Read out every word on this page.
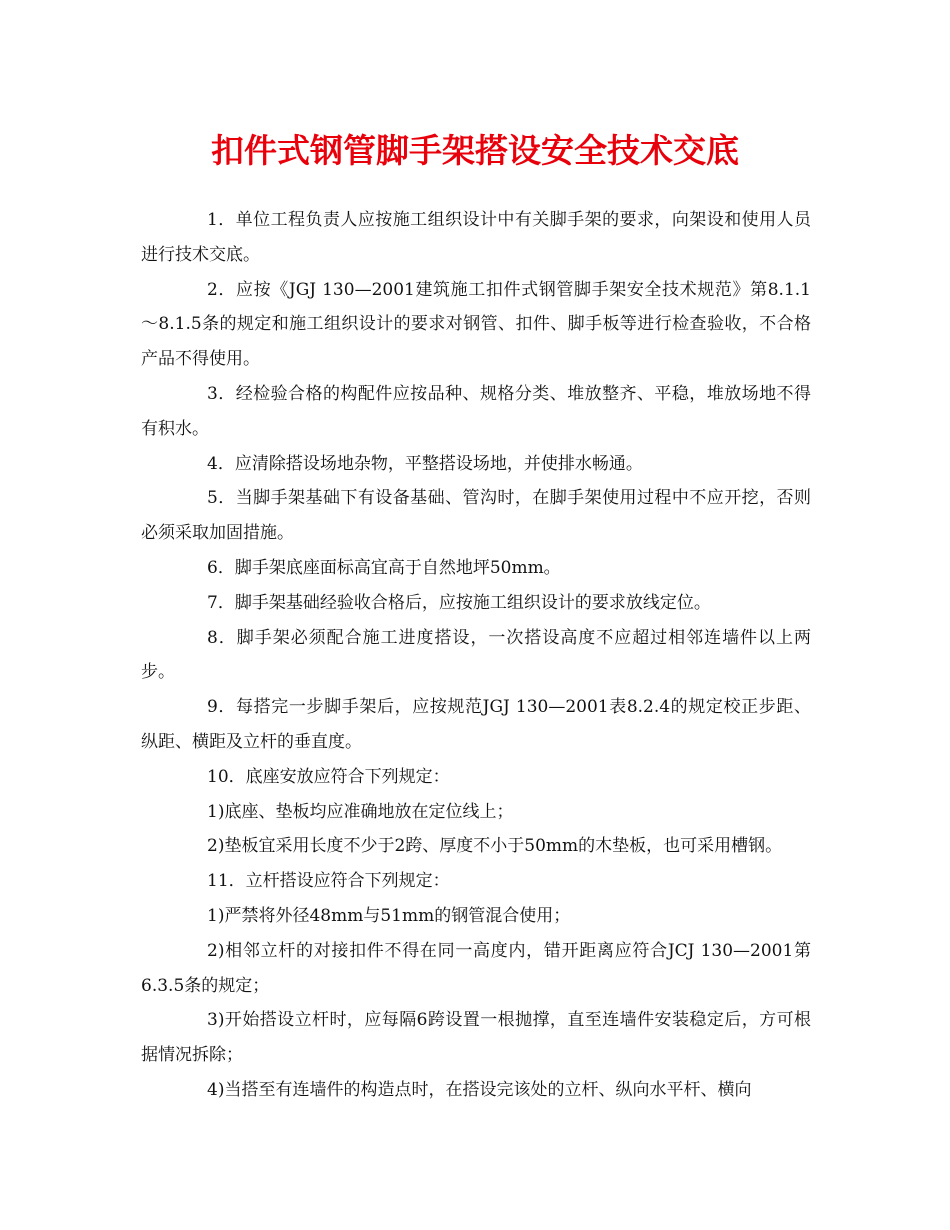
扣件式钢管脚手架搭设安全技术交底

1．单位工程负责人应按施工组织设计中有关脚手架的要求，向架设和使用人员进行技术交底。

2．应按《JGJ 130—2001建筑施工扣件式钢管脚手架安全技术规范》第8.1.1～8.1.5条的规定和施工组织设计的要求对钢管、扣件、脚手板等进行检查验收，不合格产品不得使用。

3．经检验合格的构配件应按品种、规格分类、堆放整齐、平稳，堆放场地不得有积水。

4．应清除搭设场地杂物，平整搭设场地，并使排水畅通。

5．当脚手架基础下有设备基础、管沟时，在脚手架使用过程中不应开挖，否则必须采取加固措施。

6．脚手架底座面标高宜高于自然地坪50mm。

7．脚手架基础经验收合格后，应按施工组织设计的要求放线定位。

8．脚手架必须配合施工进度搭设，一次搭设高度不应超过相邻连墙件以上两步。

9．每搭完一步脚手架后，应按规范JGJ 130—2001表8.2.4的规定校正步距、纵距、横距及立杆的垂直度。

10．底座安放应符合下列规定：

1)底座、垫板均应准确地放在定位线上；

2)垫板宜采用长度不少于2跨、厚度不小于50mm的木垫板，也可采用槽钢。

11．立杆搭设应符合下列规定：

1)严禁将外径48mm与51mm的钢管混合使用；

2)相邻立杆的对接扣件不得在同一高度内，错开距离应符合JCJ 130—2001第6.3.5条的规定；

3)开始搭设立杆时，应每隔6跨设置一根抛撑，直至连墙件安装稳定后，方可根据情况拆除；

4)当搭至有连墙件的构造点时，在搭设完该处的立杆、纵向水平杆、横向
